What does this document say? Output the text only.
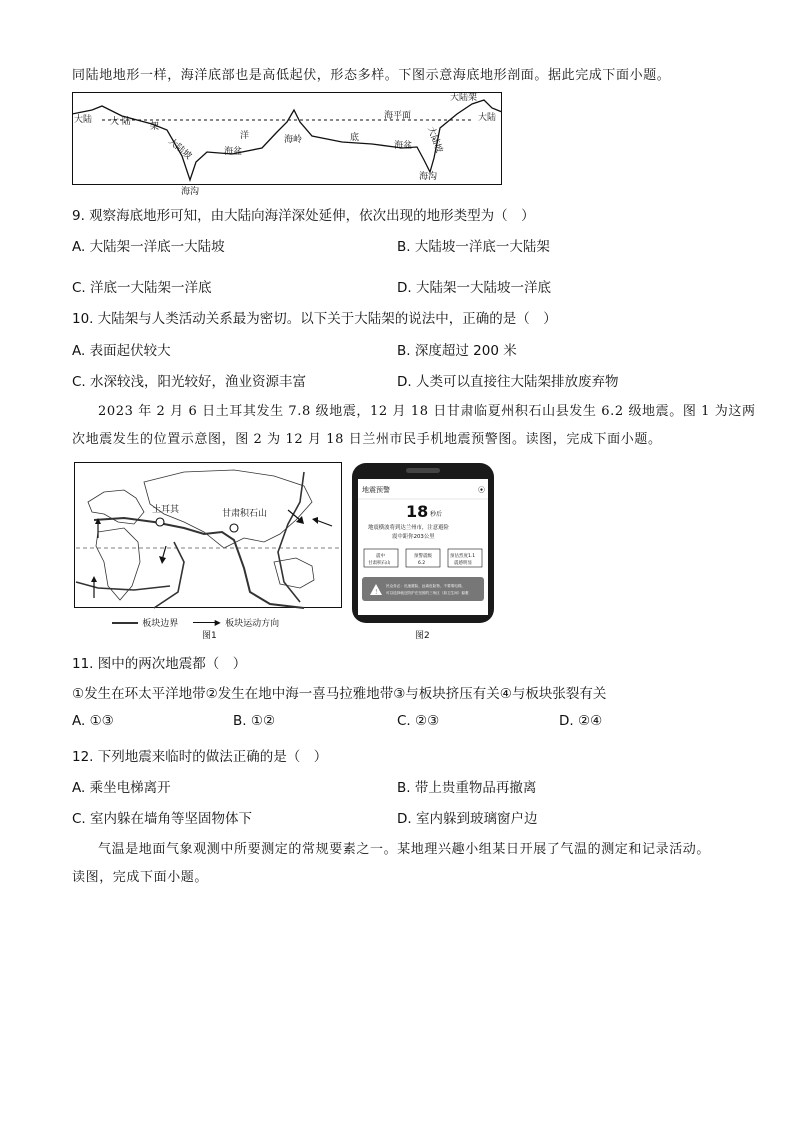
同陆地地形一样，海洋底部也是高低起伏，形态多样。下图示意海底地形剖面。据此完成下面小题。
大陆 大 陆 架
大陆坡
洋
海盆
海岭	底
海盆
海平面
大陆坡
大陆架
大陆
海沟
海沟
9. 观察海底地形可知，由大陆向海洋深处延伸，依次出现的地形类型为（　）
A. 大陆架一洋底一大陆坡	B. 大陆坡一洋底一大陆架
C. 洋底一大陆架一洋底	D. 大陆架一大陆坡一洋底
10. 大陆架与人类活动关系最为密切。以下关于大陆架的说法中，正确的是（　）
A. 表面起伏较大	B. 深度超过 200 米
C. 水深较浅，阳光较好，渔业资源丰富	D. 人类可以直接往大陆架排放废弃物
2023 年 2 月 6 日土耳其发生 7.8 级地震，12 月 18 日甘肃临夏州积石山县发生 6.2 级地震。图 1 为这两
次地震发生的位置示意图，图 2 为 12 月 18 日兰州市民手机地震预警图。读图，完成下面小题。
土耳其	甘肃积石山
板块边界	▶ 板块运动方向
图1
地震预警	⦿
18 秒后
地震横波将到达兰州市，注意避险
震中距你203公里
震中
甘肃积石山
预警震级
6.2
预估烈度1.1
震感明显
!
民众务必：迅速避险，远离危险物，不要乘电梯，
可以选择就近防护在坚固的三角区（如卫生间）躲避
图2
11. 图中的两次地震都（　）
①发生在环太平洋地带②发生在地中海一喜马拉雅地带③与板块挤压有关④与板块张裂有关
A. ①③	B. ①②	C. ②③	D. ②④
12. 下列地震来临时的做法正确的是（　）
A. 乘坐电梯离开	B. 带上贵重物品再撤离
C. 室内躲在墙角等坚固物体下	D. 室内躲到玻璃窗户边
气温是地面气象观测中所要测定的常规要素之一。某地理兴趣小组某日开展了气温的测定和记录活动。
读图，完成下面小题。
